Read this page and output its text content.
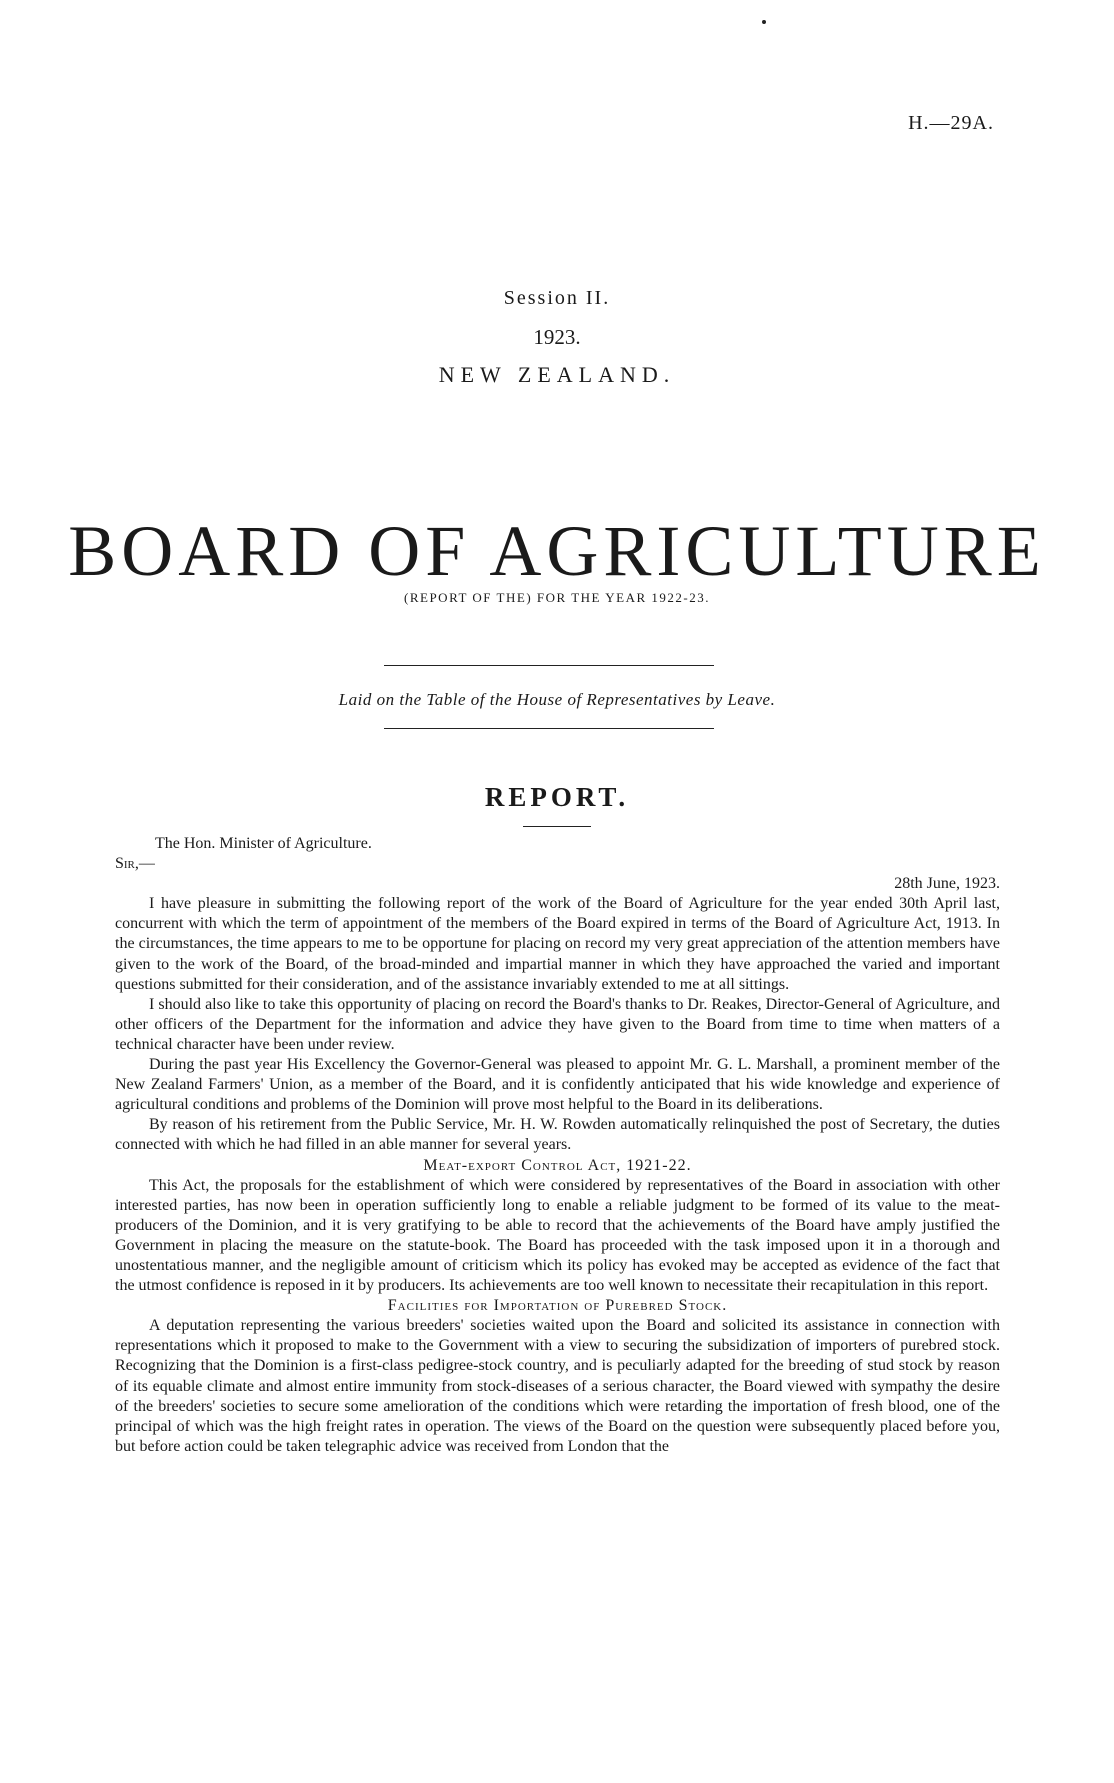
H.—29A.
Session II.
1923.
NEW ZEALAND.
BOARD OF AGRICULTURE
(REPORT OF THE) FOR THE YEAR 1922-23.
Laid on the Table of the House of Representatives by Leave.
REPORT.

The Hon. Minister of Agriculture.

Sir,—

28th June, 1923.

I have pleasure in submitting the following report of the work of the Board of Agriculture for the year ended 30th April last, concurrent with which the term of appointment of the members of the Board expired in terms of the Board of Agriculture Act, 1913. In the circumstances, the time appears to me to be opportune for placing on record my very great appreciation of the attention members have given to the work of the Board, of the broad-minded and impartial manner in which they have approached the varied and important questions submitted for their consideration, and of the assistance invariably extended to me at all sittings.

I should also like to take this opportunity of placing on record the Board's thanks to Dr. Reakes, Director-General of Agriculture, and other officers of the Department for the information and advice they have given to the Board from time to time when matters of a technical character have been under review.

During the past year His Excellency the Governor-General was pleased to appoint Mr. G. L. Marshall, a prominent member of the New Zealand Farmers' Union, as a member of the Board, and it is confidently anticipated that his wide knowledge and experience of agricultural conditions and problems of the Dominion will prove most helpful to the Board in its deliberations.

By reason of his retirement from the Public Service, Mr. H. W. Rowden automatically relinquished the post of Secretary, the duties connected with which he had filled in an able manner for several years.

Meat-export Control Act, 1921-22.

This Act, the proposals for the establishment of which were considered by representatives of the Board in association with other interested parties, has now been in operation sufficiently long to enable a reliable judgment to be formed of its value to the meat-producers of the Dominion, and it is very gratifying to be able to record that the achievements of the Board have amply justified the Government in placing the measure on the statute-book. The Board has proceeded with the task imposed upon it in a thorough and unostentatious manner, and the negligible amount of criticism which its policy has evoked may be accepted as evidence of the fact that the utmost confidence is reposed in it by producers. Its achievements are too well known to necessitate their recapitulation in this report.

Facilities for Importation of Purebred Stock.

A deputation representing the various breeders' societies waited upon the Board and solicited its assistance in connection with representations which it proposed to make to the Government with a view to securing the subsidization of importers of purebred stock. Recognizing that the Dominion is a first-class pedigree-stock country, and is peculiarly adapted for the breeding of stud stock by reason of its equable climate and almost entire immunity from stock-diseases of a serious character, the Board viewed with sympathy the desire of the breeders' societies to secure some amelioration of the conditions which were retarding the importation of fresh blood, one of the principal of which was the high freight rates in operation. The views of the Board on the question were subsequently placed before you, but before action could be taken telegraphic advice was received from London that the
